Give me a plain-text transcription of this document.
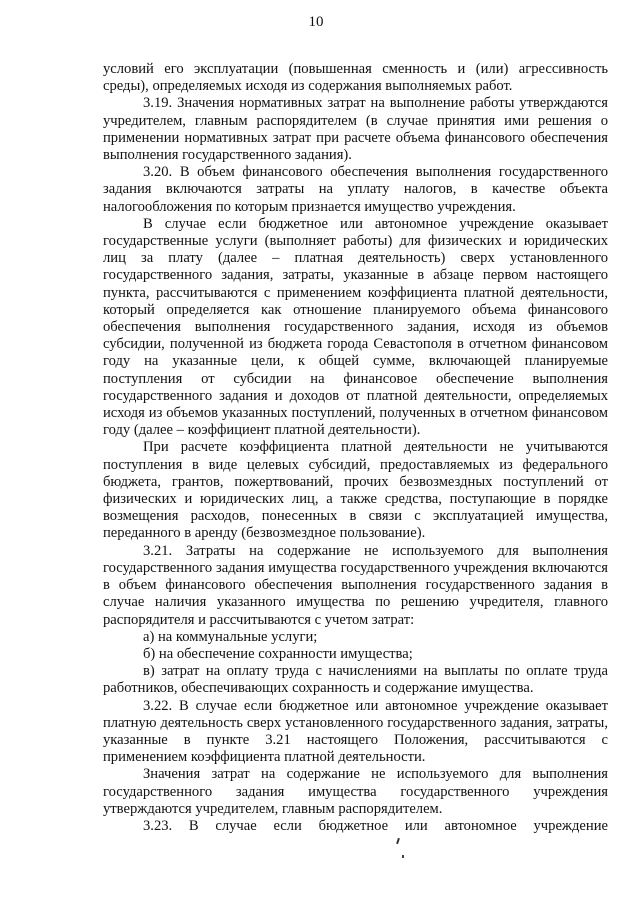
10

условий его эксплуатации (повышенная сменность и (или) агрессивность среды), определяемых исходя из содержания выполняемых работ.

3.19. Значения нормативных затрат на выполнение работы утверждаются учредителем, главным распорядителем (в случае принятия ими решения о применении нормативных затрат при расчете объема финансового обеспечения выполнения государственного задания).

3.20. В объем финансового обеспечения выполнения государственного задания включаются затраты на уплату налогов, в качестве объекта налогообложения по которым признается имущество учреждения.

В случае если бюджетное или автономное учреждение оказывает государственные услуги (выполняет работы) для физических и юридических лиц за плату (далее – платная деятельность) сверх установленного государственного задания, затраты, указанные в абзаце первом настоящего пункта, рассчитываются с применением коэффициента платной деятельности, который определяется как отношение планируемого объема финансового обеспечения выполнения государственного задания, исходя из объемов субсидии, полученной из бюджета города Севастополя в отчетном финансовом году на указанные цели, к общей сумме, включающей планируемые поступления от субсидии на финансовое обеспечение выполнения государственного задания и доходов от платной деятельности, определяемых исходя из объемов указанных поступлений, полученных в отчетном финансовом году (далее – коэффициент платной деятельности).

При расчете коэффициента платной деятельности не учитываются поступления в виде целевых субсидий, предоставляемых из федерального бюджета, грантов, пожертвований, прочих безвозмездных поступлений от физических и юридических лиц, а также средства, поступающие в порядке возмещения расходов, понесенных в связи с эксплуатацией имущества, переданного в аренду (безвозмездное пользование).

3.21. Затраты на содержание не используемого для выполнения государственного задания имущества государственного учреждения включаются в объем финансового обеспечения выполнения государственного задания в случае наличия указанного имущества по решению учредителя, главного распорядителя и рассчитываются с учетом затрат:

а) на коммунальные услуги;

б) на обеспечение сохранности имущества;

в) затрат на оплату труда с начислениями на выплаты по оплате труда работников, обеспечивающих сохранность и содержание имущества.

3.22. В случае если бюджетное или автономное учреждение оказывает платную деятельность сверх установленного государственного задания, затраты, указанные в пункте 3.21 настоящего Положения, рассчитываются с применением коэффициента платной деятельности.

Значения затрат на содержание не используемого для выполнения государственного задания имущества государственного учреждения утверждаются учредителем, главным распорядителем.

3.23. В случае если бюджетное или автономное учреждение
